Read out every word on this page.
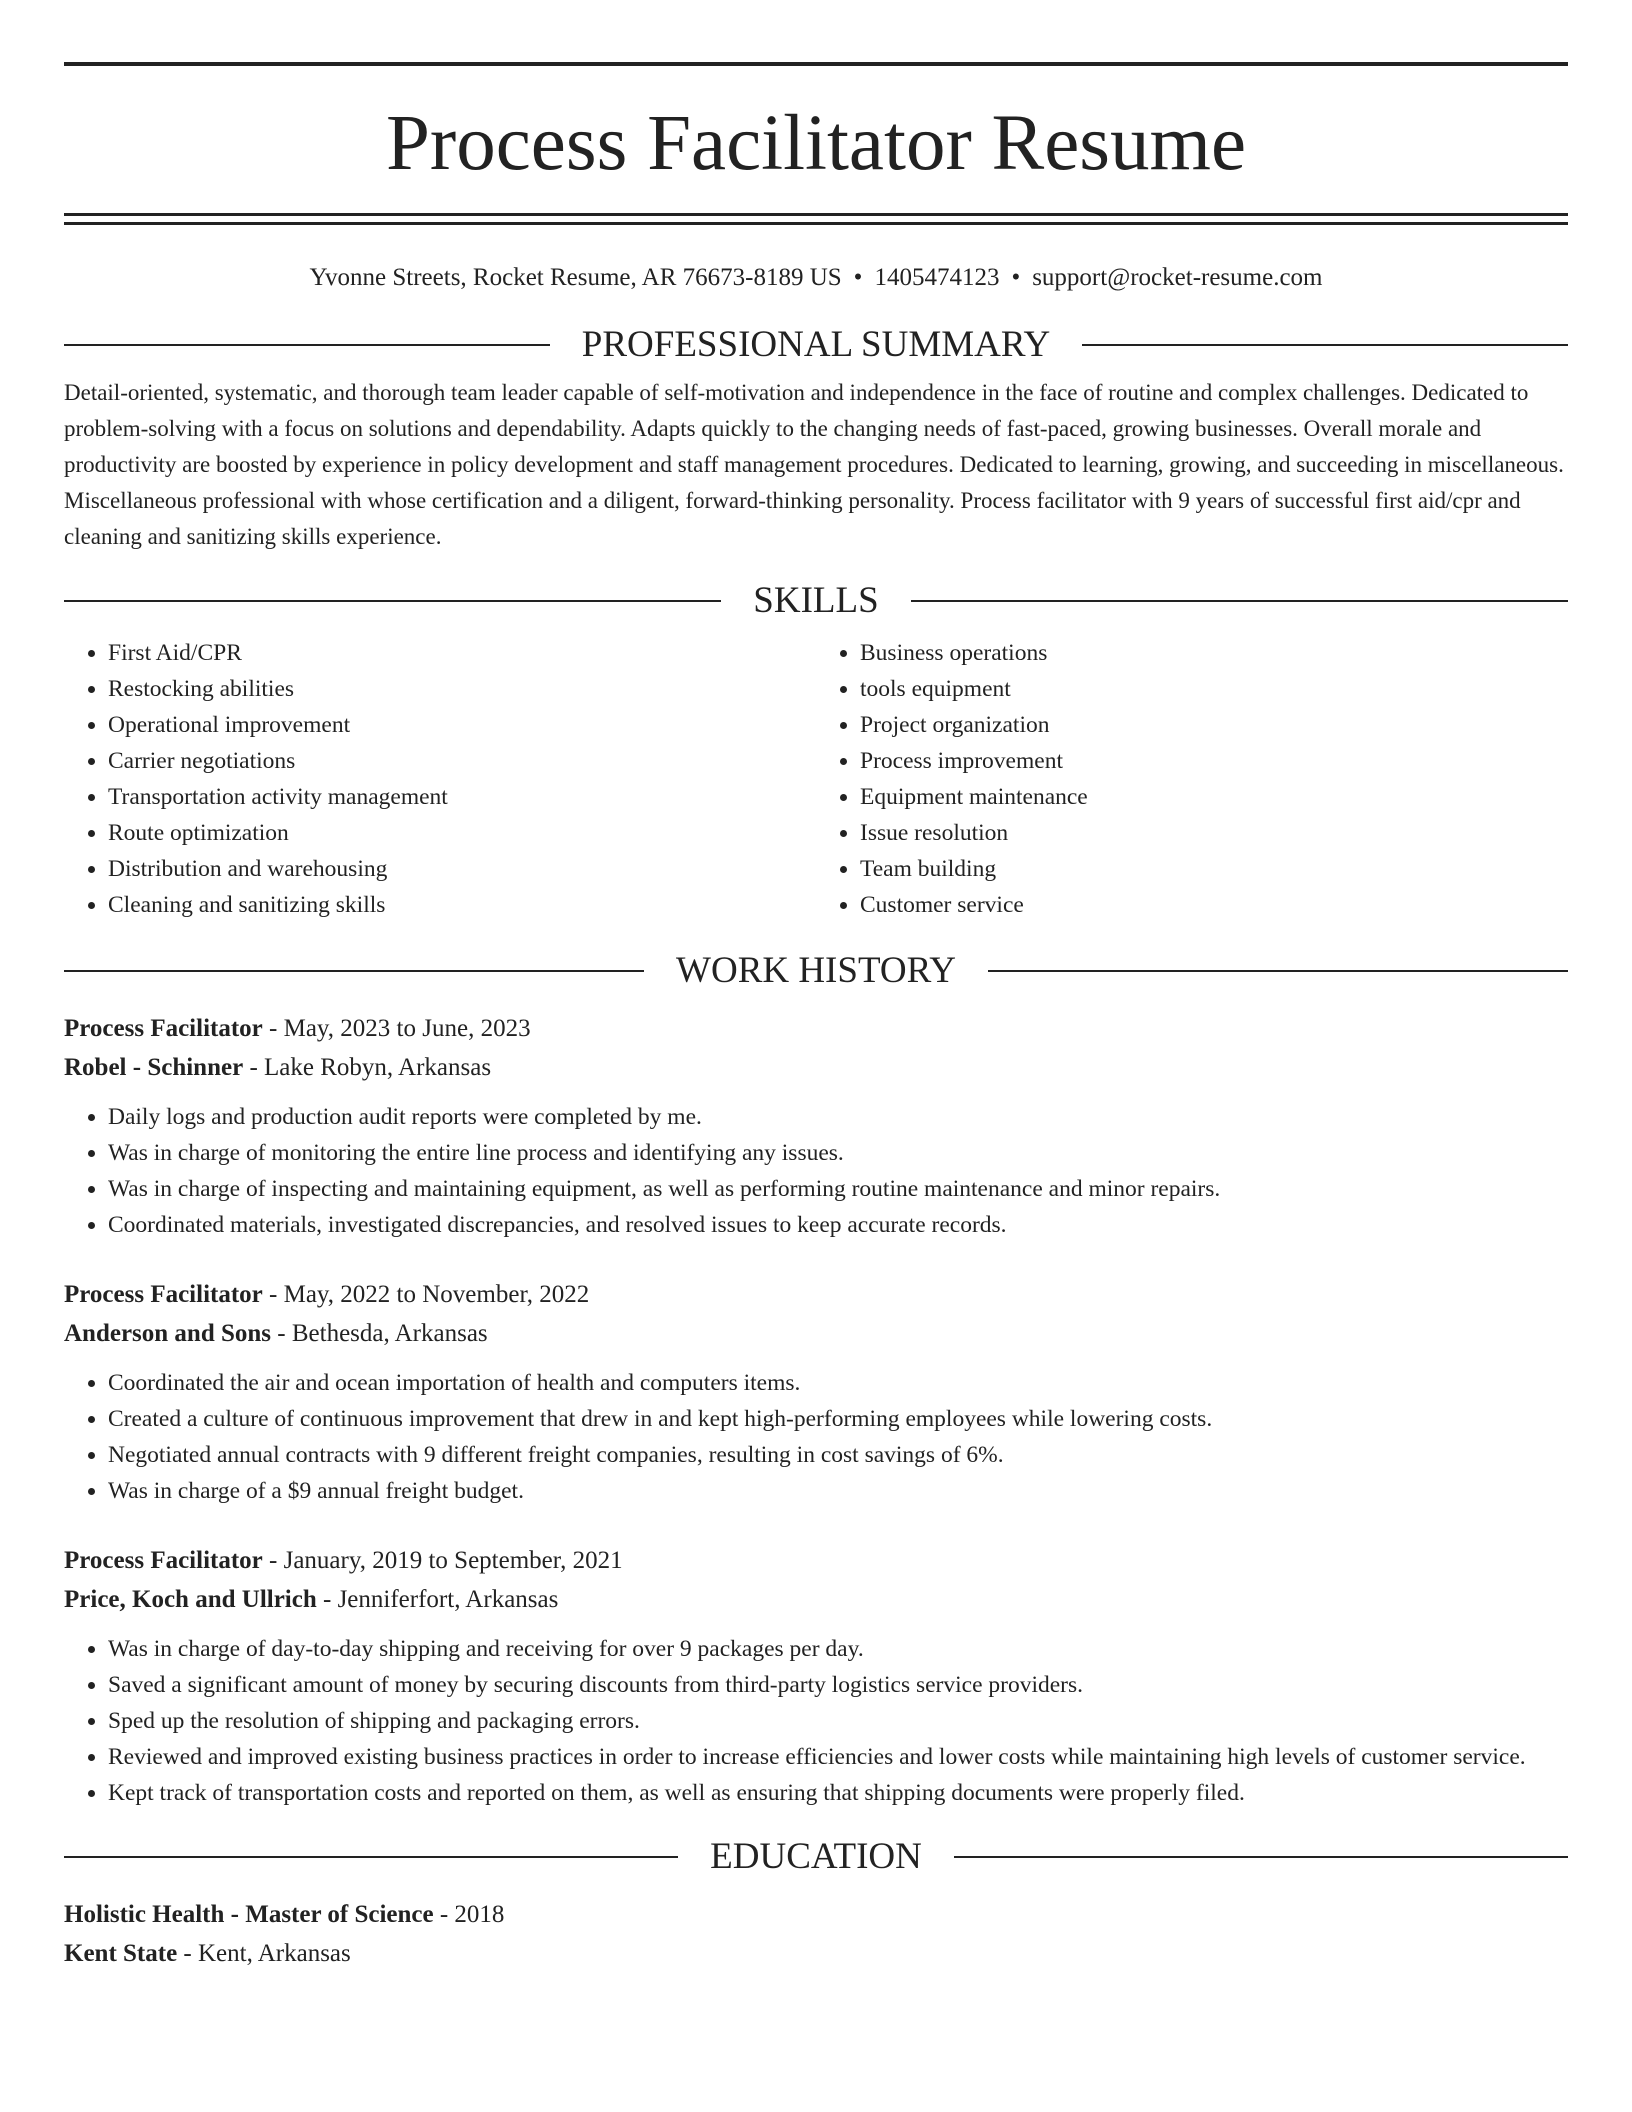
Process Facilitator Resume
Yvonne Streets, Rocket Resume, AR 76673-8189 US • 1405474123 • support@rocket-resume.com
PROFESSIONAL SUMMARY

Detail-oriented, systematic, and thorough team leader capable of self-motivation and independence in the face of routine and complex challenges. Dedicated to problem-solving with a focus on solutions and dependability. Adapts quickly to the changing needs of fast-paced, growing businesses. Overall morale and productivity are boosted by experience in policy development and staff management procedures. Dedicated to learning, growing, and succeeding in miscellaneous. Miscellaneous professional with whose certification and a diligent, forward-thinking personality. Process facilitator with 9 years of successful first aid/cpr and cleaning and sanitizing skills experience.

SKILLS
• First Aid/CPR
• Restocking abilities
• Operational improvement
• Carrier negotiations
• Transportation activity management
• Route optimization
• Distribution and warehousing
• Cleaning and sanitizing skills
• Business operations
• tools equipment
• Project organization
• Process improvement
• Equipment maintenance
• Issue resolution
• Team building
• Customer service
WORK HISTORY
Process Facilitator - May, 2023 to June, 2023
Robel - Schinner - Lake Robyn, Arkansas
• Daily logs and production audit reports were completed by me.
• Was in charge of monitoring the entire line process and identifying any issues.
• Was in charge of inspecting and maintaining equipment, as well as performing routine maintenance and minor repairs.
• Coordinated materials, investigated discrepancies, and resolved issues to keep accurate records.
Process Facilitator - May, 2022 to November, 2022
Anderson and Sons - Bethesda, Arkansas
• Coordinated the air and ocean importation of health and computers items.
• Created a culture of continuous improvement that drew in and kept high-performing employees while lowering costs.
• Negotiated annual contracts with 9 different freight companies, resulting in cost savings of 6%.
• Was in charge of a $9 annual freight budget.
Process Facilitator - January, 2019 to September, 2021
Price, Koch and Ullrich - Jenniferfort, Arkansas
• Was in charge of day-to-day shipping and receiving for over 9 packages per day.
• Saved a significant amount of money by securing discounts from third-party logistics service providers.
• Sped up the resolution of shipping and packaging errors.
• Reviewed and improved existing business practices in order to increase efficiencies and lower costs while maintaining high levels of customer service.
• Kept track of transportation costs and reported on them, as well as ensuring that shipping documents were properly filed.
EDUCATION
Holistic Health - Master of Science - 2018
Kent State - Kent, Arkansas
